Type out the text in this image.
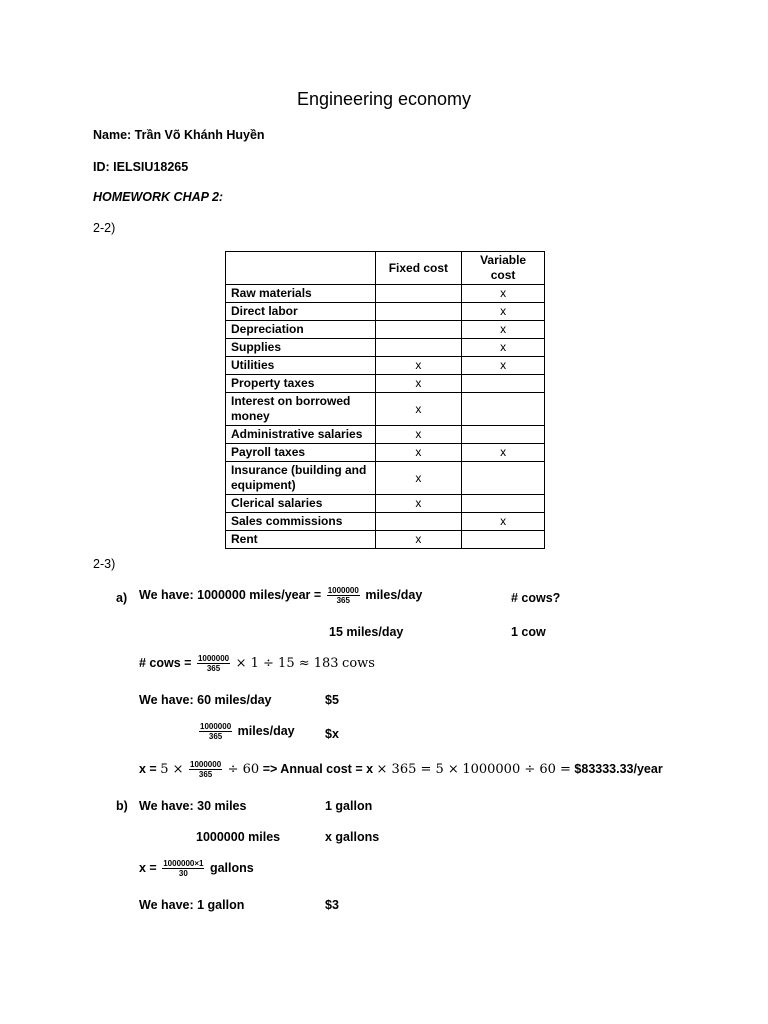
Engineering economy
Name: Trần Võ Khánh Huyền
ID: IELSIU18265
HOMEWORK CHAP 2:
2-2)
	Fixed cost	Variable cost
Raw materials		x
Direct labor		x
Depreciation		x
Supplies		x
Utilities	x	x
Property taxes	x	
Interest on borrowed money	x	
Administrative salaries	x	
Payroll taxes	x	x
Insurance (building and equipment)	x	
Clerical salaries	x	
Sales commissions		x
Rent	x	
2-3)
a) We have: 1000000 miles/year = $\frac{1000000}{365}$ miles/day	# cows?
15 miles/day	1 cow
# cows = $\frac{1000000}{365} \times 1 \div 15 \approx 183$ cows
We have: 60 miles/day	$5
$\frac{1000000}{365}$ miles/day $x
$x = 5 \times \frac{1000000}{365} \div 60$ => Annual cost = x × 365 = 5 × 1000000 ÷ 60 = $83333.33/year
b) We have: 30 miles	1 gallon
1000000 miles	x gallons
$x = \frac{1000000\times 1}{30}$ gallons
We have: 1 gallon	$3
